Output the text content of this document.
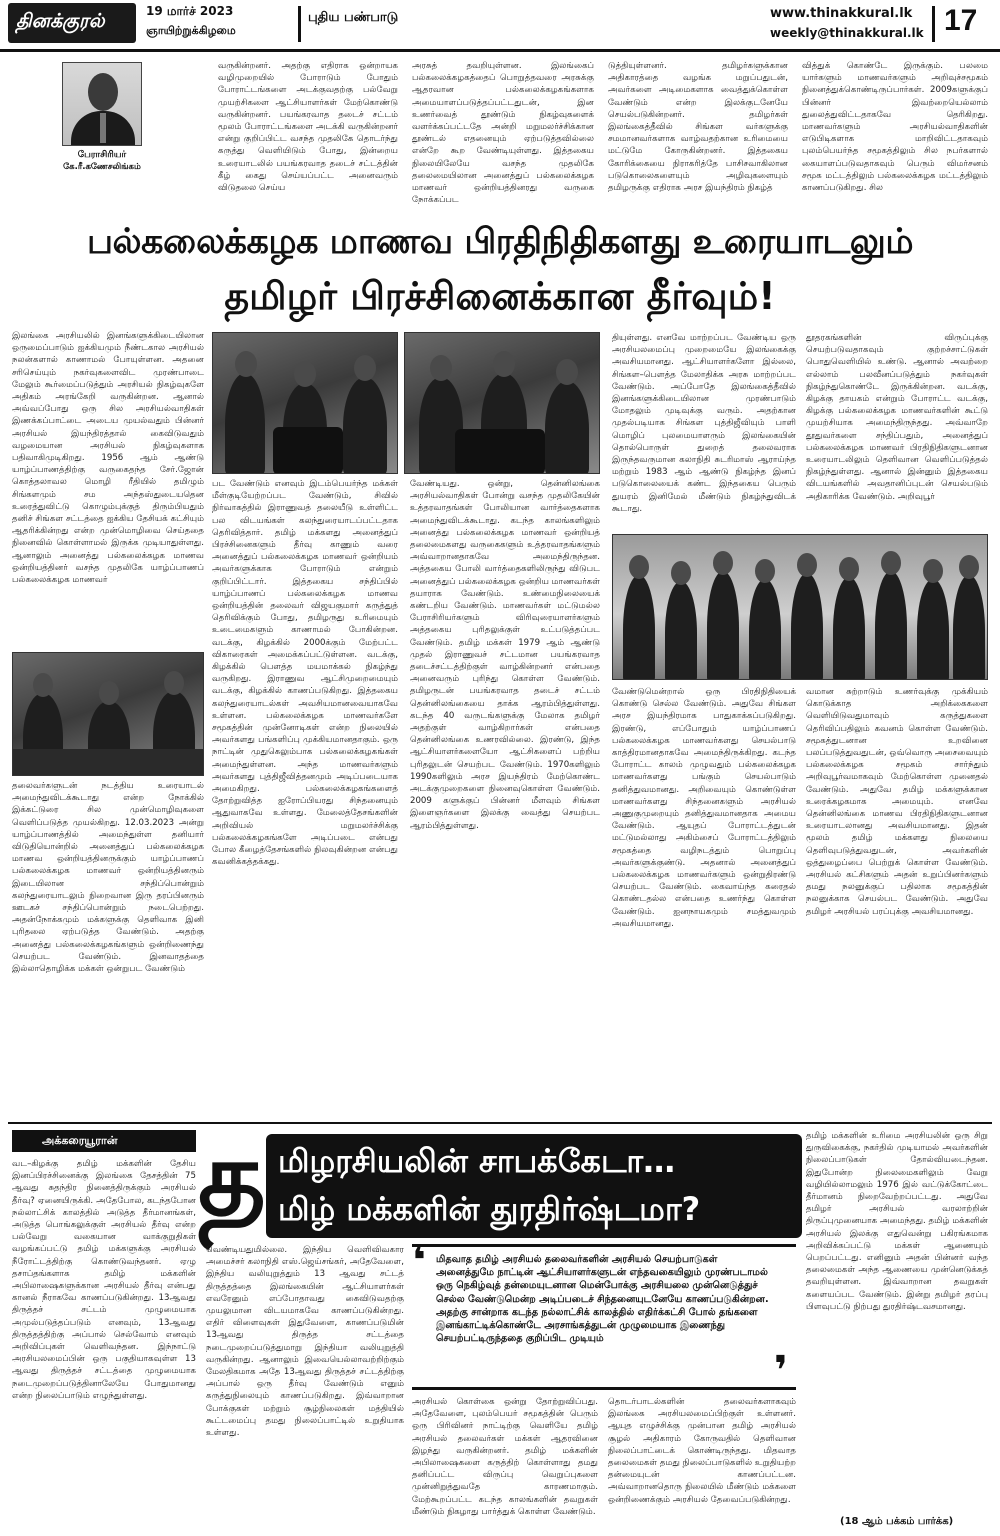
தினக்குரல்	19 மார்ச் 2023
ஞாயிற்றுக்கிழமை
புதிய பண்பாடு	www.thinakkural.lk
weekly@thinakkural.lk 17
பேராசிரியர்
கே.ரீ.கணேசலிங்கம்
வருகின்றனர். அதற்கு எதிராக ஒன்றாயக வழிமுறையில் போராடும் போதும் போராட்டங்களை அடக்குவதற்கு பல்வேறு முயற்சிகளை ஆட்சியாளர்கள் மேற்கொண்டு வருகின்றனர். பயங்கரவாத தடைச் சட்டம் மூலம் போராட்டங்களை அடக்கி வருகின்றனர் என்று குறிப்பிட்ட வசந்த முதலிகே தொடர்ந்து கருத்து வெளியிடும் போது, இன்றைய உரையாடலில் பயங்கரவாத தடைச் சட்டத்தின் கீழ் கைது செய்யப்பட்ட அனைவரும் விடுதலை செய்ய
அரசுத் தவறியுள்ளன. இலங்கைப் பல்கலைக்கழகத்தைப் பொறுத்தவரை அரசுக்கு ஆதரவான பல்கலைக்கழகங்களாக அமையாளப்படுத்தப்பட்டதுடன், இன உணர்வைத் தூண்டும் நிகழ்வுகளைக் வளர்க்கப்பட்டதே அன்றி மறுமலர்ச்சிக்கான தூண்டல் எதனையும் ஏற்படுத்தவில்லை என்றே கூற வேண்டியுள்ளது. இத்தகைய நிலையிலேயே வசந்த முதலிகே தலைமையிலான அனைத்துப் பல்கலைக்கழக மாணவர் ஒன்றியத்தினரது வருகை நோக்கப்பட
டுத்தியுள்ளனர். தமிழர்களுக்கான அதிகாரத்தை வழங்க மறுப்பதுடன், அவர்களை அடிமைகளாக வைத்துக்கொள்ள வேண்டும் என்ற இலக்குடனேயே செயல்படுகின்றனர். தமிழர்கள் இலங்கைத்தீவில் சிங்கள வர்களுக்கு சமமானவர்களாக வாழ்வதற்கான உரிமையை மட்டுமே கோருகின்றனர். இத்தகைய கோரிக்கையை நிராகரித்தே பாசிசவாகிலான படுகொலைகளையும் அழிவுகளையும் தமிழருக்கு எதிராக அரச இயந்திரம் நிகழ்த்
வித்துக் கொண்டே இருக்கும். பலமை யார்களும் மாணவர்களும் அறிவுச்சமூகம் நினைத்துக்கொண்டிருப்பார்கள். 2009களுக்குப் பின்னர் இவற்றையெல்லாம் துலைத்துவிட்டதாகவே தெரிகிறது. மாணவர்களும் அரசியல்வாதிகளின் எடுபிடிகளாக மாறிவிட்டதாகவும் புலம்பெயர்ந்த சமூகத்திலும் சில நபர்களால் கையாளப்படுவதாகவும் பெரும் விமர்சனம் சமூக மட்டத்திலும் பல்கலைக்கழக மட்டத்திலும் காணப்படுகிறது. சில
பல்கலைக்கழக மாணவ பிரதிநிதிகளது உரையாடலும்
தமிழர் பிரச்சினைக்கான தீர்வும்!
இலங்கை அரசியலில் இனங்களுக்கிடையிலான ஒருமைப்பாடும் ஐக்கியமும் நீண்டகால அரசியல் நலன்களால் காணாமல் போயுள்ளன. அதனை சரிசெய்யும் நகர்வுகளைவிட முரண்பாடை மேலும் கூர்மைப்படுத்தும் அரசியல் நிகழ்வுகளே அதிகம் அரங்கேறி வருகின்றன. ஆனால் அவ்வப்போது ஒரு சில அரசியல்வாதிகள் இணக்கப்பாட்டை அடைய முயல்வதும் பின்னர் அரசியல் இயந்திரத்தால் கைவிடுவதும் வழமையான அரசியல் நிகழ்வுகளாக பதிவாகிமுடிகிறது. 1956 ஆம் ஆண்டு யாழ்ப்பாணத்திற்கு வருகைதந்த சேர்.ஜோன் கொத்தலாவல மொழி ரீதியில் தமிழும் சிங்களமும் சம அந்தஸ்துடையதென உரைத்துவிட்டு கொழும்புக்குத் திரும்பியதும் தனிச் சிங்கள சட்டத்தை ஐக்கிய தேசியக் கட்சியும் ஆதரிக்கின்றது என்ற முன்மொழிவை செய்ததை நினைவில் கொள்ளாமல் இருக்க முடியாதுள்ளது. ஆனாலும் அனைத்து பல்கலைக்கழக மாணவ ஒன்றியத்தினர் வசந்த முதலிகே யாழ்ப்பாணப் பல்கலைக்கழக மாணவர்
தலைவர்களுடன் நடத்திய உரையாடல் அமைந்துவிடக்கூடாது என்ற நோக்கில் இக்கட்டுரை சில முன்மொழிவுகளை வெளிப்படுத்த முயல்கிறது. 12.03.2023 அன்று யாழ்ப்பாணத்தில் அமைந்துள்ள தனியார் விடுதியொன்றில் அனைத்துப் பல்கலைக்கழக மாணவ ஒன்றியத்தினருக்கும் யாழ்ப்பாணப் பல்கலைக்கழக மாணவர் ஒன்றியத்தினரும் இடையிலான சந்திப்பொன்றும் கலந்துரையாடலும் நிறைவான இரு தரப்பினரும் ஊடகச் சந்திப்பொன்றும் நடைபெற்றது. அதன்நோக்கமும் மக்களுக்கு தெளிவாக இனி புரிதலை ஏற்படுத்த வேண்டும். அதற்கு அனைத்து பல்கலைக்கழகங்களும் ஒன்றிணைந்து செயற்பட வேண்டும். இனவாதத்தை இல்லாதொழிக்க மக்கள் ஒன்றுபட வேண்டும்
பட வேண்டும் எனவும் இடம்பெயர்ந்த மக்கள் மீள்குடியேற்றப்பட வேண்டும், சிவில் நிர்வாகத்தில் இராணுவத் தலையீடு உள்ளிட்ட பல விடயங்கள் கலந்துரையாடப்பட்டதாக தெரிவித்தார். தமிழ் மக்களது அனைத்துப் பிரச்சினைகளும் தீர்வு காணும் வரை அனைத்துப் பல்கலைக்கழக மாணவர் ஒன்றியம் அவர்களுக்காக போராடும் என்றும் குறிப்பிட்டார். இத்தகைய சந்திப்பில் யாழ்ப்பாணப் பல்கலைக்கழக மாணவ ஒன்றியத்தின் தலைவர் விஜயகுமார் கருத்துத் தெரிவிக்கும் போது, தமிழருது உரிமையும் உடைமைகளும் காணாமல் போகின்றன. வடக்கு, கிழக்கில் 2000க்கும் மேற்பட்ட விகாரைகள் அமைக்கப்பட்டுள்ளன. வடக்கு, கிழக்கில் பௌத்த மயமாக்கல் நிகழ்ந்து வருகிறது. இராணுவ ஆட்சிமுறைமையும் வடக்கு, கிழக்கில் காணப்படுகிறது. இத்தகைய கலந்துரையாடல்கள் அவசியமானவையாகவே உள்ளன. பல்கலைக்கழக மாணவர்களே சமூகத்தின் முன்னோடிகள் என்ற நிலையில் அவர்களது பங்களிப்பு முக்கியமானதாகும். ஒரு நாட்டின் முதுகெலும்பாக பல்கலைக்கழகங்கள் அமைந்துள்ளன. அந்த மாணவர்களும் அவர்களது புத்திஜீவித்தனமும் அடிப்படையாக அமைகிறது. பல்கலைக்கழகங்களைத் தோற்றுவித்த ஐரோப்பியரது சிந்தனையும் ஆதுவாகவே உள்ளது. மேலைத்தேசங்களின் அறிவியல் மறுமலர்ச்சிக்கு பல்கலைக்கழகங்களே அடிப்படை என்பது போல கீழைத்தேசங்களில் நிலவுகின்றன என்பது கவனிக்கத்தக்கது.
வேண்டியது. ஒன்று, தென்னிலங்கை அரசியல்வாதிகள் போன்று வசந்த முதலிகேயின் உத்தரவாதங்கள் போலியான வார்த்தைகளாக அமைந்துவிடக்கூடாது. கடந்த காலங்களிலும் அனைத்து பல்கலைக்கழக மாணவர் ஒன்றியத் தலைமைகளது வருகைகளும் உத்தரவாதங்களும் அவ்வாறானதாகவே அமைந்திருந்தன. அத்தகைய போலி வார்த்தைகளிலிருந்து விடுபட அனைத்துப் பல்கலைக்கழக ஒன்றிய மாணவர்கள் தயாராக வேண்டும். உண்மைநிலையைக் கண்டறிய வேண்டும். மாணவர்கள் மட்டுமல்ல பேராசிரியர்களும் விரிவுரையாளர்களும் அத்தகைய புரிதலுக்குள் உட்படுத்தப்பட வேண்டும். தமிழ் மக்கள் 1979 ஆம் ஆண்டு முதல் இராணுவச் சட்டமான பயங்கரவாத தடைச்சட்டத்திற்குள் வாழ்கின்றனர் என்பதை அனைவரும் புரிந்து கொள்ள வேண்டும். தமிழருடன் பயங்கரவாத தடைச் சட்டம் தென்னிலங்கையை தாக்க ஆரம்பித்துள்ளது. கடந்த 40 வருடங்களுக்கு மேலாக தமிழர் அதற்குள் வாழ்கிறார்கள் என்பதை தென்னிலங்கை உணரவில்லை. இரண்டு, இந்த ஆட்சியாளர்களையோ ஆட்சிகளைப் பற்றிய புரிதலுடன் செயற்பட வேண்டும். 1970களிலும் 1990களிலும் அரச இயந்திரம் மேற்கொண்ட அடக்குமுறைகளை நினைவுகொள்ள வேண்டும். 2009 களுக்குப் பின்னர் மீளவும் சிங்கள இளைஞர்களை இலக்கு வைத்து செயற்பட ஆரம்பித்துள்ளது.
தியுள்ளது. எனவே மாற்றப்பட வேண்டிய ஒரு அரசியலமைப்பு முறைமையே இலங்கைக்கு அவசியமானது. ஆட்சியாளர்களோ இல்லை, சிங்கள–பௌத்த மேலாதிக்க அரசு மாற்றப்பட வேண்டும். அப்போதே இலங்கைத்தீவில் இனங்களுக்கிடையிலான முரண்பாடும் மோதலும் முடிவுக்கு வரும். அதற்கான முதல்படியாக சிங்கள புத்திஜீவியும் பாளி மொழிப் புலமையாளரும் இலங்கையின் தொல்பொருள் துறைத் தலைவராக இருந்தவருமான கலாநிதி சுடரிமாஸ் ஆராய்ந்த மற்றும் 1983 ஆம் ஆண்டு நிகழ்ந்த இனப் படுகொலையைக் கண்ட இந்தகைய பெரும் துயரம் இனிமேல் மீண்டும் நிகழ்ந்துவிடக் கூடாது.
தூதரகங்களின் விருப்புக்கு செயற்படுவதாகவும் குற்றச்சாட்டுகள் பொதுவெளியில் உண்டு. ஆனால் அவற்றை எல்லாம் பலவீனப்படுத்தும் நகர்வுகள் நிகழ்ந்துகொண்டே இருக்கின்றன. வடக்கு, கிழக்கு தாயகம் என்றும் போராட்ட வடக்கு, கிழக்கு பல்கலைக்கழக மாணவர்களின் கூட்டு முயற்சியாக அமைந்திருந்தது. அவ்வாறே தூதுவர்களை சந்திப்பதும், அனைத்துப் பல்கலைக்கழக மாணவர் பிரதிநிதிகளுடனான உரையாடலிலும் தெளிவான வெளிப்படுத்தல் நிகழ்ந்துள்ளது. ஆனால் இன்னும் இத்தகைய விடயங்களில் அவதானிப்புடன் செயல்படும் அதிகாரிக்க வேண்டும். அறிவுபூர்
வேண்டுமென்றால் ஒரு பிரதிநிதியைக் கொண்டு செல்ல வேண்டும். அதுவே சிங்கள அரச இயந்திரமாக பாதுகாக்கப்படுகிறது. இரண்டு, எப்போதும் யாழ்ப்பாணப் பல்கலைக்கழக மாணவர்களது செயல்பாடு காத்திரமானதாகவே அமைந்திருக்கிறது. கடந்த போராட்ட காலம் முழுவதும் பல்கலைக்கழக மாணவர்களது பங்கும் செயல்பாடும் தனித்துவமானது. அறிவையும் கொண்டுள்ள மாணவர்களது சிந்தனைகளும் அரசியல் அணுகுமுறையும் தனித்துவமானதாக அமைய வேண்டும். ஆயுதப் போராட்டத்துடன் மட்டுமல்லாது அகிம்சைப் போராட்டத்திலும் சமூகத்தை வழிநடத்தும் பொறுப்பு அவர்களுக்குண்டு. அதனால் அனைத்துப் பல்கலைக்கழக மாணவர்களும் ஒன்றுதிரண்டு செயற்பட வேண்டும். கைவாய்ந்த கரைதல் கொண்டதல்ல என்பதை உணர்ந்து கொள்ள வேண்டும். ஐனநாயகமும் சமத்துவமும் அவசியமானது.
வமான சுற்றாடும் உணர்வுக்கு முக்கியம் கொடுக்காத அறிக்கைகளை வெளியிடுவதுமாவும் கருத்துகளை தெரிவிப்பதிலும் கவனம் கொள்ள வேண்டும். சமூகத்துடனான உறவினை பலப்படுத்துவதுடன், ஒவ்வொரு அசைவையும் பல்கலைக்கழக சமூகம் சார்ந்தும் அறிவுபூர்வமாகவும் மேற்கொள்ள முனைதல் வேண்டும். அதுவே தமிழ் மக்களுக்கான உரைக்கழகமாக அமையும். எனவே தென்னிலங்கை மாணவ பிரதிநிதிகளுடனான உரையாடலானது அவசியமானது. இதன் மூலம் தமிழ் மக்களது நிலையை தெளிவுபடுத்துவதுடன், அவர்களின் ஒத்துழைப்பை பெற்றுக் கொள்ள வேண்டும். அரசியல் கட்சிகளும் அதன் உறுப்பினர்களும் தமது நலனுக்குப் பதிலாக சமூகத்தின் நலனுக்காக செயல்பட வேண்டும். அதுவே தமிழர் அரசியல் பரப்புக்கு அவசியமானது.
அக்கரையூரான் த மிழரசியலின் சாபக்கேடா…
மிழ் மக்களின் துரதிர்ஷ்டமா?
வட–கிழக்கு தமிழ் மக்களின் தேசிய இனப்பிரச்சினைக்கு இலங்கை தேசத்தின் 75 ஆவது சுதந்திர நினைத்திருக்கும் அரசியல் தீர்வு? ஏனையிருக்கி. அதேபோல, கடந்தபோன நல்லாட்சிக் காலத்தில் அடுத்த தீர்மானங்கள், அடுத்த பொங்கலுக்குள் அரசியல் தீர்வு என்ற பல்வேறு வகையான வாக்குறுதிகள் வழங்கப்பட்டு தமிழ் மக்களுக்கு அரசியல் நீரோட்டத்திற்கு கொண்டுவந்தனர். ஏழு தசாப்தங்களாக தமிழ் மக்களின் அபிலாஷைகளுக்கான அரசியல் தீர்வு என்பது கானல் நீராகவே காணப்படுகின்றது. 13ஆவது திருத்தச் சட்டம் முழுமையாக அமுல்படுத்தப்படும் எனவும், 13ஆவது திருத்தத்திற்கு அப்பால் செல்வோம் எனவும் அறிவிப்புகள் வெளிவந்தன. இந்நாட்டு அரசியலமைப்பின் ஒரு பகுதியாகவுள்ள 13 ஆவது திருத்தச் சட்டத்தை முழுமையாக நடைமுறைப்படுத்தினாலேயே போதுமானது என்ற நிலைப்பாடும் எழுந்துள்ளது.
வெண்டியதுமில்லை. இந்திய வெளிவிவகார அமைச்சர் கலாநிதி எஸ்.ஜெய்சங்கர், அதேவேளை, இந்திய வலியுறுத்தும் 13 ஆவது சட்டத் திருத்தத்தை இலங்கையின் ஆட்சியாளர்கள் எவரேனும் எப்போதாவது கைவிடுவதற்கு முயலுமான விடயமாகவே காணப்படுகின்றது. எதிர் விளைவுகள் இதுவேளை, காணப்படுமின் 13ஆவது திருத்த சட்டத்தை நடைமுறைப்படுத்துமாறு இந்தியா வலியுறுத்தி வருகின்றது. ஆனாலும் இவையெல்லாவற்றிற்கும் மேலதிகமாக அதே 13ஆவது திருத்தச் சட்டத்திற்கு அப்பால் ஒரு தீர்வு வேண்டும் எனும் கருத்துநிலையும் காணப்படுகிறது. இவ்வாறான போக்குகள் மற்றும் சூழ்நிலைகள் மத்தியில் கூட்டமைப்பு தமது நிலைப்பாட்டில் உறுதியாக உள்ளது.
❛ மிதவாத தமிழ் அரசியல் தலைவர்களின் அரசியல் செயற்பாடுகள் அனைத்துமே நாட்டின் ஆட்சியாளர்களுடன் எந்தவகையிலும் முரண்படாமல் ஒரு நெகிழ்வுத் தன்மையுடனான மென்போக்கு அரசியலை முன்னெடுத்துச் செல்ல வேண்டுமென்ற அடிப்படைச் சிந்தனையுடனேயே காணப்படுகின்றன. அதற்கு சான்றாக கடந்த நல்லாட்சிக் காலத்தில் எதிர்க்கட்சி போல் தங்களை இனங்காட்டிக்கொண்டே அரசாங்கத்துடன் முழுமையாக இணைந்து செயற்பட்டிருந்ததை குறிப்பிட முடியும்
❜
அரசியல் கொள்கை ஒன்று தோற்றுவிப்பது. அதேவேளை, புலம்பெயர் சமூகத்தின் பெரும் ஒரு பிரிவினர் நாட்டிற்கு வெளியே தமிழ் அரசியல் தலைவர்கள் மக்கள் ஆதரவினை இழந்து வருகின்றனர். தமிழ் மக்களின் அபிலாஷைகளை கருத்திற் கொள்ளாது தமது தனிப்பட்ட விருப்பு வெறுப்புகளை முன்னிறுத்துவதே காரணமாகும். மேற்கூறப்பட்ட கடந்த காலங்களின் தவறுகள் மீண்டும் நிகழாது பார்த்துக் கொள்ள வேண்டும்.
தொடர்பாடல்களின் தலைவர்களாகவும் இலங்கை அரசியலமைப்பிற்குள் உள்ளனர். ஆயுத எழுச்சிக்கு முன்பான தமிழ் அரசியல் சூழல் அதிகாரம் கோருவதில் தெளிவான நிலைப்பாட்டைக் கொண்டிருந்தது. மிதவாத தலைமைகள் தமது நிலைப்பாடுகளில் உறுதியற்ற தன்மையுடன் காணப்பட்டன. அவ்வாறானதொரு நிலையில் மீண்டும் மக்களை ஒன்றிணைக்கும் அரசியல் தேவைப்படுகின்றது.
தமிழ் மக்களின் உரிமை அரசியலின் ஒரு சிறு துருவிகைக்கு, நகர்தில் முடியாமல் அவர்களின் நிலைப்பாடுகள் தோல்வியடைந்தன. இதுபோன்ற நிலைமைகளிலும் வேறு வழியில்லாமலும் 1976 இல் வட்டுக்கோட்டை தீர்மானம் நிறைவேற்றப்பட்டது. அதுவே தமிழர் அரசியல் வரலாற்றின் திருப்புமுனையாக அமைந்தது. தமிழ் மக்களின் அரசியல் இலக்கு எதுவென்று பகிரங்கமாக அறிவிக்கப்பட்டு மக்கள் ஆணையும் பெறப்பட்டது. எனினும் அதன் பின்னர் வந்த தலைமைகள் அந்த ஆணையை முன்னெடுக்கத் தவறியுள்ளன. இவ்வாறான தவறுகள் களையப்பட வேண்டும். இன்று தமிழர் தரப்பு பிளவுபட்டு நிற்பது துரதிர்ஷ்டவசமானது.
(18 ஆம் பக்கம் பார்க்க)
